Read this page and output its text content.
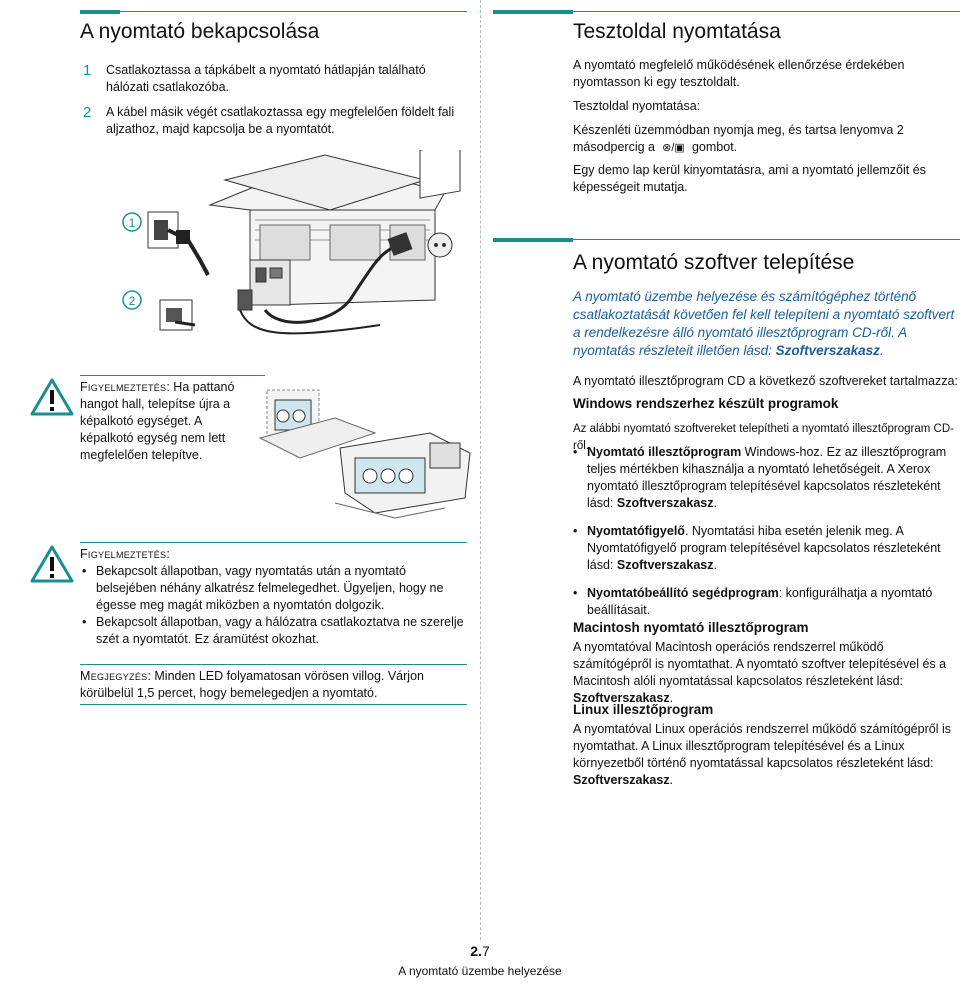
A nyomtató bekapcsolása
1 Csatlakoztassa a tápkábelt a nyomtató hátlapján található hálózati csatlakozóba.
2 A kábel másik végét csatlakoztassa egy megfelelően földelt fali aljzathoz, majd kapcsolja be a nyomtatót.
1
2
Figyelmeztetés: Ha pattanó hangot hall, telepítse újra a képalkotó egységet. A képalkotó egység nem lett megfelelően telepítve.
Figyelmeztetés:
• Bekapcsolt állapotban, vagy nyomtatás után a nyomtató belsejében néhány alkatrész felmelegedhet. Ügyeljen, hogy ne égesse meg magát miközben a nyomtatón dolgozik.
• Bekapcsolt állapotban, vagy a hálózatra csatlakoztatva ne szerelje szét a nyomtatót. Ez áramütést okozhat.
Megjegyzés: Minden LED folyamatosan vörösen villog. Várjon körülbelül 1,5 percet, hogy bemelegedjen a nyomtató.
Tesztoldal nyomtatása
A nyomtató megfelelő működésének ellenőrzése érdekében nyomtasson ki egy tesztoldalt.
Tesztoldal nyomtatása:
Készenléti üzemmódban nyomja meg, és tartsa lenyomva 2 másodpercig a ⊗/▣ gombot.
Egy demo lap kerül kinyomtatásra, ami a nyomtató jellemzőit és képességeit mutatja.
A nyomtató szoftver telepítése
A nyomtató üzembe helyezése és számítógéphez történő csatlakoztatását követően fel kell telepíteni a nyomtató szoftvert a rendelkezésre álló nyomtató illesztőprogram CD-ről. A nyomtatás részleteit illetően lásd: Szoftverszakasz.
A nyomtató illesztőprogram CD a következő szoftvereket tartalmazza:
Windows rendszerhez készült programok
Az alábbi nyomtató szoftvereket telepítheti a nyomtató illesztőprogram CD-ről.
• Nyomtató illesztőprogram Windows-hoz. Ez az illesztőprogram teljes mértékben kihasználja a nyomtató lehetőségeit. A Xerox nyomtató illesztőprogram telepítésével kapcsolatos részleteként lásd: Szoftverszakasz.
• Nyomtatófigyelő. Nyomtatási hiba esetén jelenik meg. A Nyomtatófigyelő program telepítésével kapcsolatos részleteként lásd: Szoftverszakasz.
• Nyomtatóbeállító segédprogram: konfigurálhatja a nyomtató beállításait.
Macintosh nyomtató illesztőprogram
A nyomtatóval Macintosh operációs rendszerrel működő számítógépről is nyomtathat. A nyomtató szoftver telepítésével és a Macintosh alóli nyomtatással kapcsolatos részleteként lásd: Szoftverszakasz.
Linux illesztőprogram
A nyomtatóval Linux operációs rendszerrel működő számítógépről is nyomtathat. A Linux illesztőprogram telepítésével és a Linux környezetből történő nyomtatással kapcsolatos részleteként lásd: Szoftverszakasz.
2.7
A nyomtató üzembe helyezése
